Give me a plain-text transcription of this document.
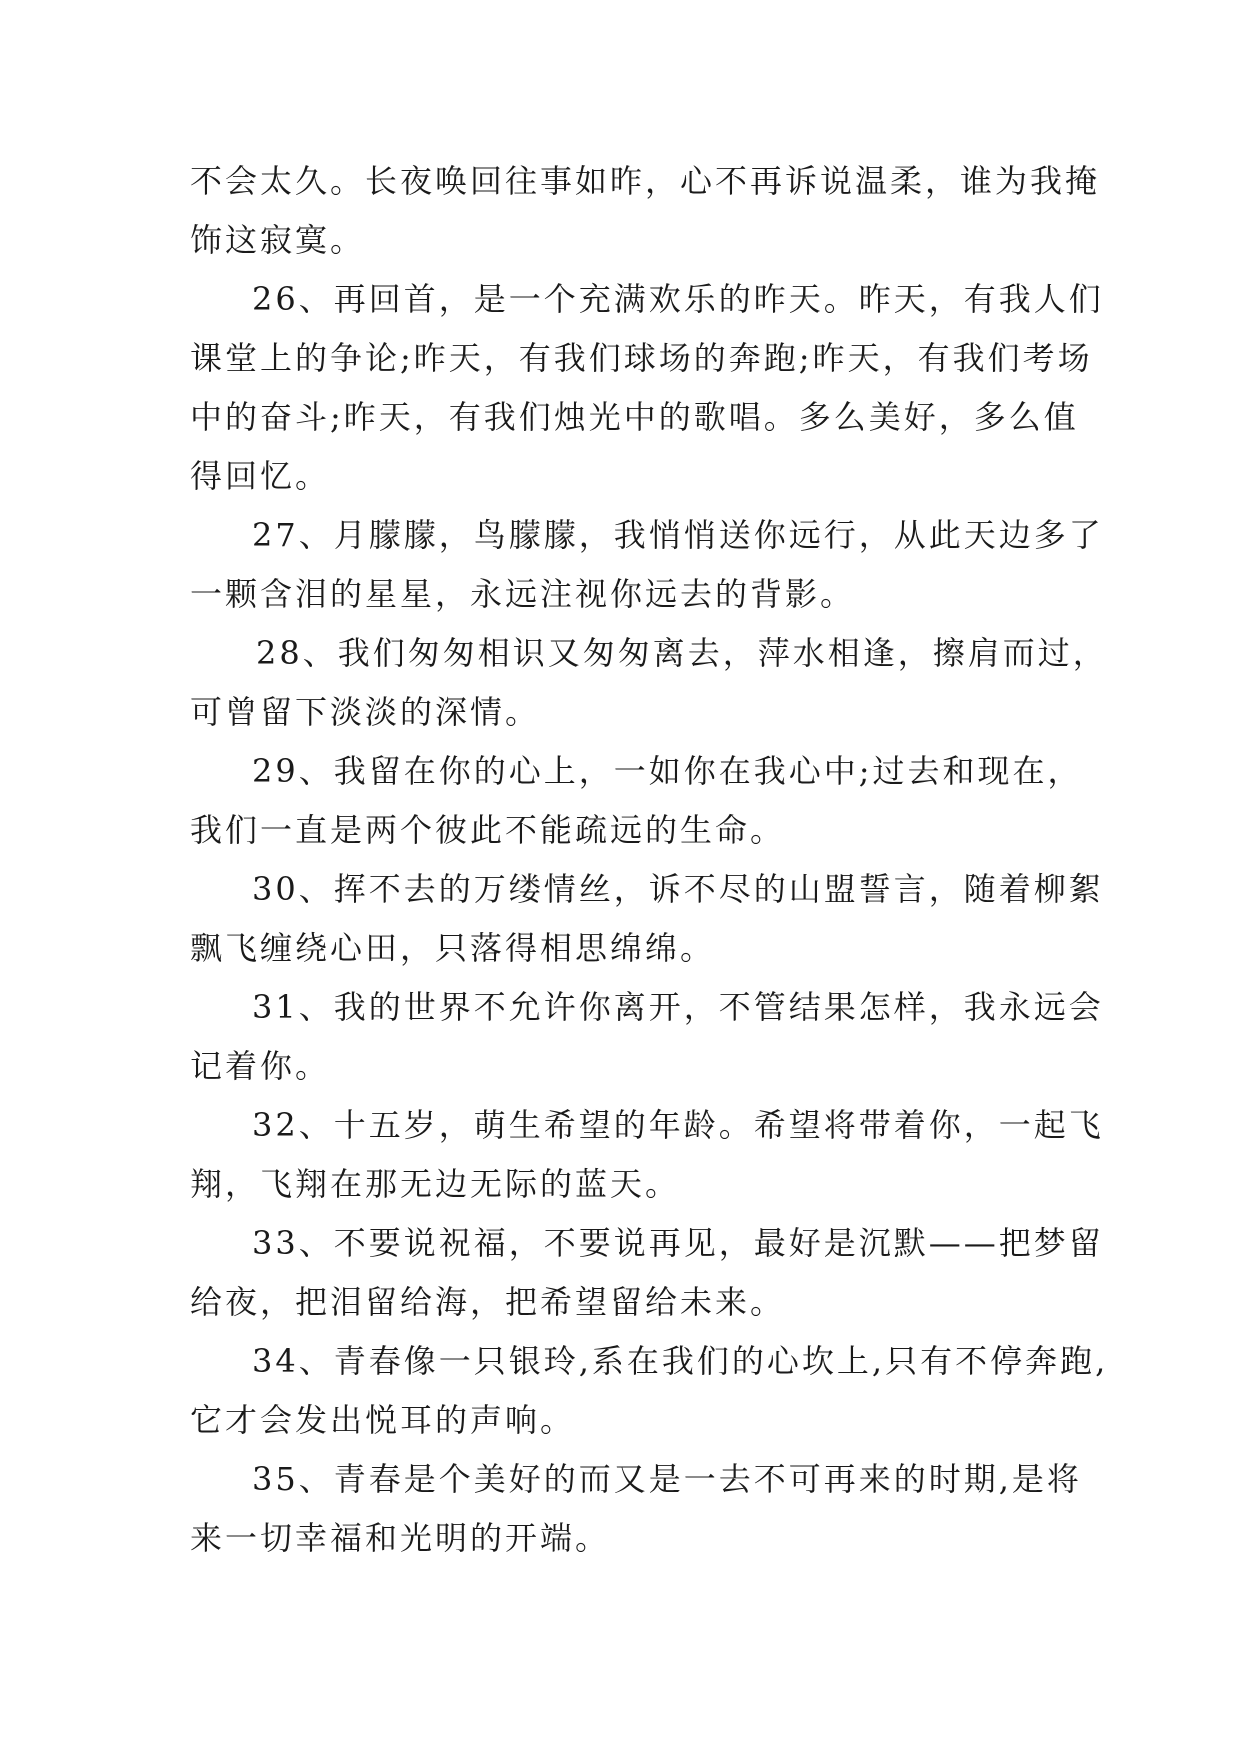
不会太久。长夜唤回往事如昨，心不再诉说温柔，谁为我掩
饰这寂寞。

26、再回首，是一个充满欢乐的昨天。昨天，有我人们
课堂上的争论;昨天，有我们球场的奔跑;昨天，有我们考场
中的奋斗;昨天，有我们烛光中的歌唱。多么美好，多么值
得回忆。

27、月朦朦，鸟朦朦，我悄悄送你远行，从此天边多了
一颗含泪的星星，永远注视你远去的背影。

28、我们匆匆相识又匆匆离去，萍水相逢，擦肩而过，
可曾留下淡淡的深情。

29、我留在你的心上，一如你在我心中;过去和现在，
我们一直是两个彼此不能疏远的生命。

30、挥不去的万缕情丝，诉不尽的山盟誓言，随着柳絮
飘飞缠绕心田，只落得相思绵绵。

31、我的世界不允许你离开，不管结果怎样，我永远会
记着你。

32、十五岁，萌生希望的年龄。希望将带着你，一起飞
翔，飞翔在那无边无际的蓝天。

33、不要说祝福，不要说再见，最好是沉默——把梦留
给夜，把泪留给海，把希望留给未来。

34、青春像一只银玲,系在我们的心坎上,只有不停奔跑,
它才会发出悦耳的声响。

35、青春是个美好的而又是一去不可再来的时期,是将
来一切幸福和光明的开端。
